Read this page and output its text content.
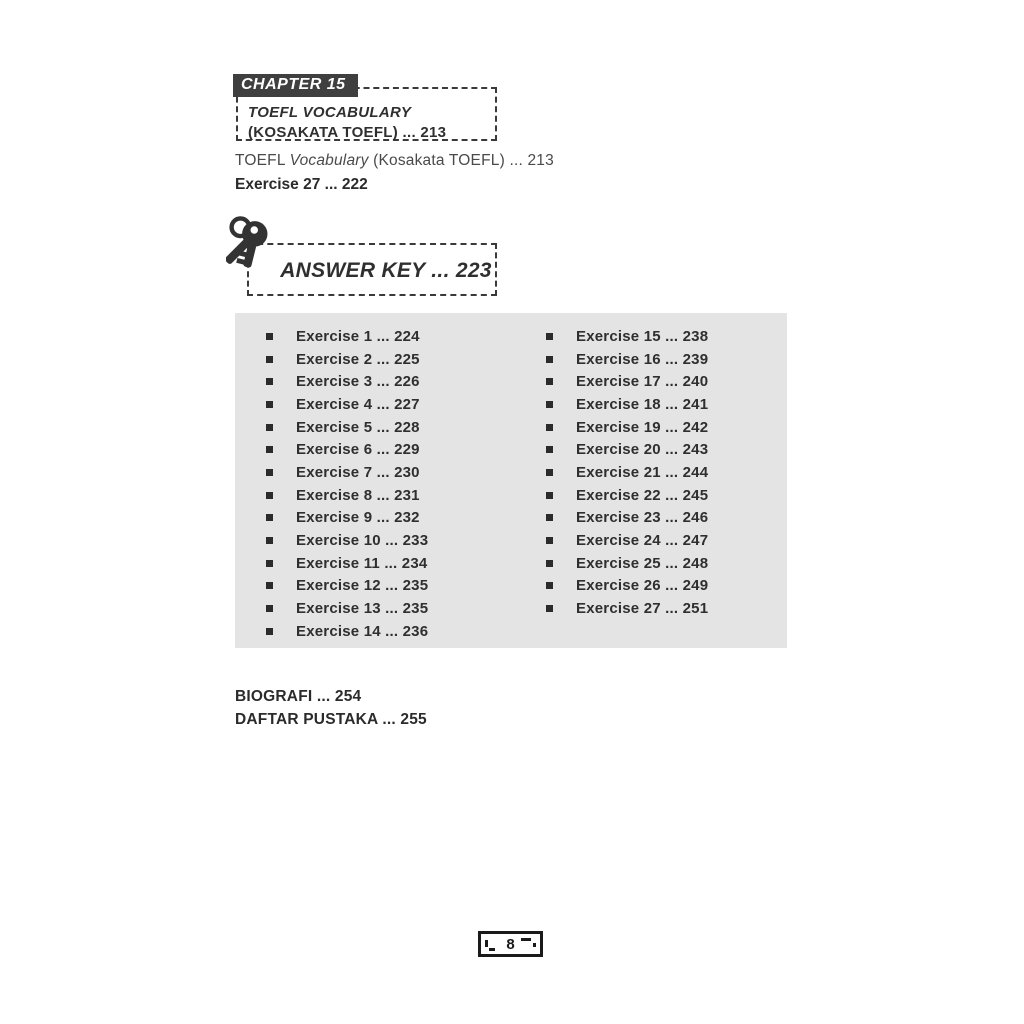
CHAPTER 15
TOEFL VOCABULARY
(KOSAKATA TOEFL) ... 213
TOEFL Vocabulary (Kosakata TOEFL) ... 213
Exercise 27 ... 222
ANSWER KEY ... 223
Exercise 1 ... 224
Exercise 2 ... 225
Exercise 3 ... 226
Exercise 4 ... 227
Exercise 5 ... 228
Exercise 6 ... 229
Exercise 7 ... 230
Exercise 8 ... 231
Exercise 9 ... 232
Exercise 10 ... 233
Exercise 11 ... 234
Exercise 12 ... 235
Exercise 13 ... 235
Exercise 14 ... 236
Exercise 15 ... 238
Exercise 16 ... 239
Exercise 17 ... 240
Exercise 18 ... 241
Exercise 19 ... 242
Exercise 20 ... 243
Exercise 21 ... 244
Exercise 22 ... 245
Exercise 23 ... 246
Exercise 24 ... 247
Exercise 25 ... 248
Exercise 26 ... 249
Exercise 27 ... 251
BIOGRAFI ... 254
DAFTAR PUSTAKA ... 255
8
